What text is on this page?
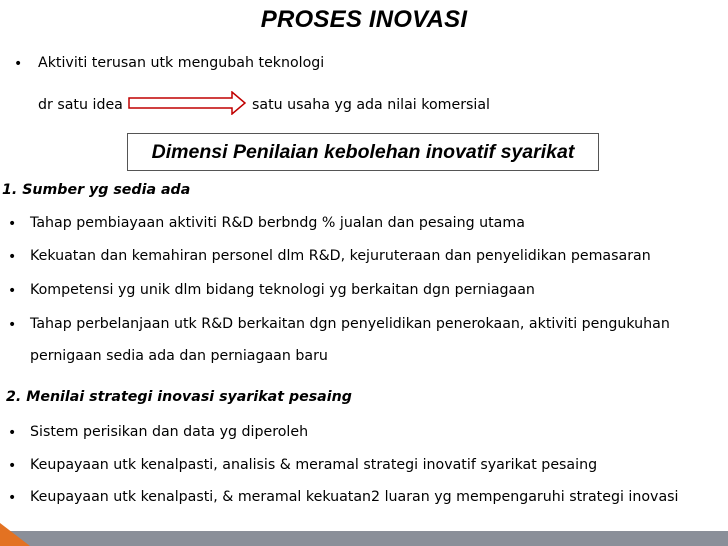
PROSES INOVASI
• Aktiviti terusan utk mengubah teknologi
dr satu idea	satu usaha yg ada nilai komersial
Dimensi Penilaian kebolehan inovatif syarikat
1. Sumber yg sedia ada
• Tahap pembiayaan aktiviti R&D berbndg % jualan dan pesaing utama
• Kekuatan dan kemahiran personel dlm R&D, kejuruteraan dan penyelidikan pemasaran
• Kompetensi yg unik dlm bidang teknologi yg berkaitan dgn perniagaan
• Tahap perbelanjaan utk R&D berkaitan dgn penyelidikan penerokaan, aktiviti pengukuhan
pernigaan sedia ada dan perniagaan baru
2. Menilai strategi inovasi syarikat pesaing
• Sistem perisikan dan data yg diperoleh
• Keupayaan utk kenalpasti, analisis & meramal strategi inovatif syarikat pesaing
• Keupayaan utk kenalpasti, & meramal kekuatan2 luaran yg mempengaruhi strategi inovasi
